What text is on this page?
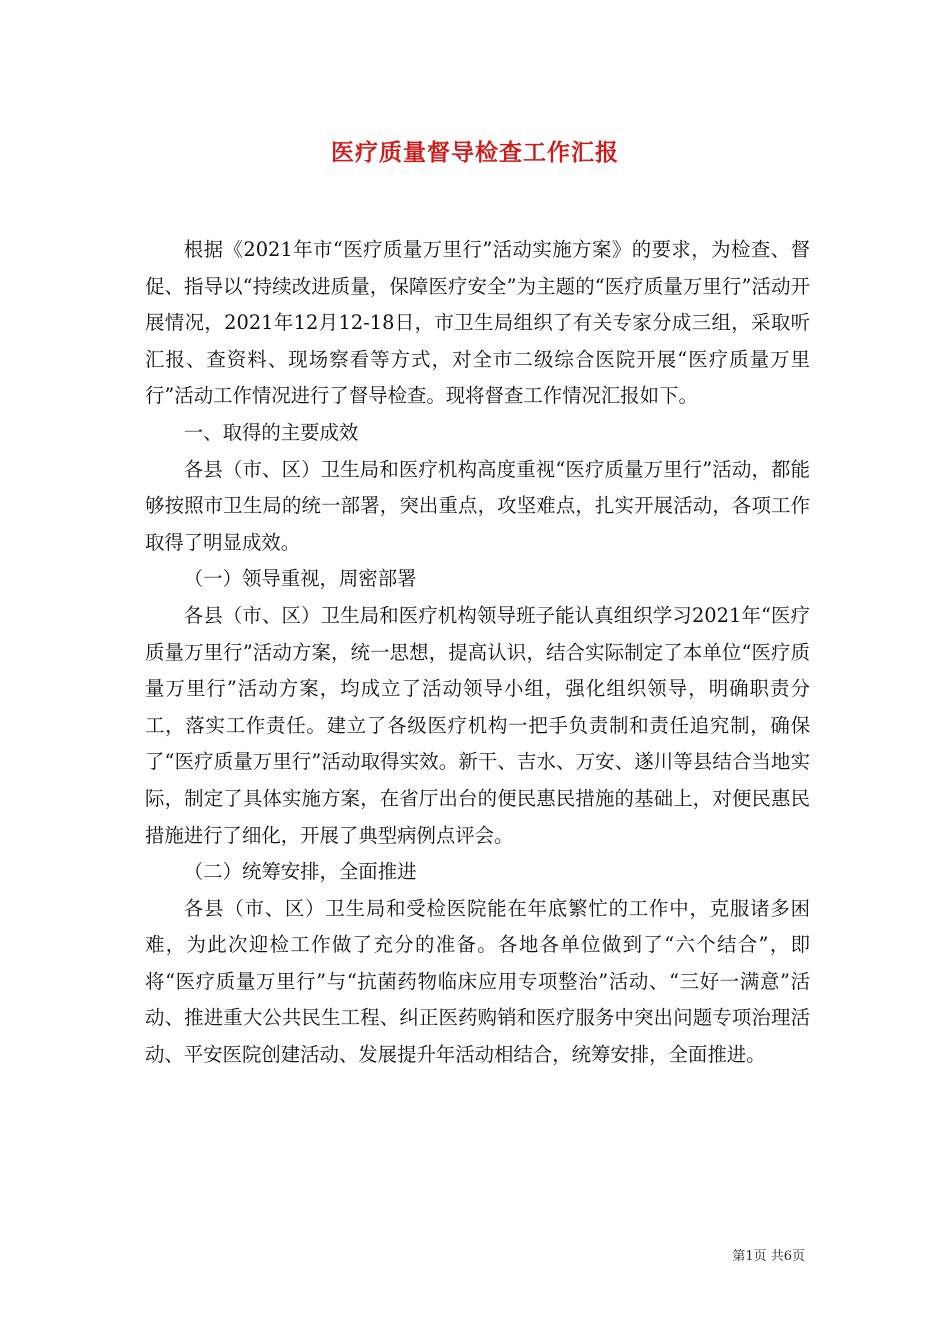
医疗质量督导检查工作汇报

根据《2021年市“医疗质量万里行”活动实施方案》的要求，为检查、督促、指导以“持续改进质量，保障医疗安全”为主题的“医疗质量万里行”活动开展情况，2021年12月12-18日，市卫生局组织了有关专家分成三组，采取听汇报、查资料、现场察看等方式，对全市二级综合医院开展“医疗质量万里行”活动工作情况进行了督导检查。现将督查工作情况汇报如下。

一、取得的主要成效

各县（市、区）卫生局和医疗机构高度重视“医疗质量万里行”活动，都能够按照市卫生局的统一部署，突出重点，攻坚难点，扎实开展活动，各项工作取得了明显成效。

（一）领导重视，周密部署

各县（市、区）卫生局和医疗机构领导班子能认真组织学习2021年“医疗质量万里行”活动方案，统一思想，提高认识，结合实际制定了本单位“医疗质量万里行”活动方案，均成立了活动领导小组，强化组织领导，明确职责分工，落实工作责任。建立了各级医疗机构一把手负责制和责任追究制，确保了“医疗质量万里行”活动取得实效。新干、吉水、万安、遂川等县结合当地实际，制定了具体实施方案，在省厅出台的便民惠民措施的基础上，对便民惠民措施进行了细化，开展了典型病例点评会。

（二）统筹安排，全面推进

各县（市、区）卫生局和受检医院能在年底繁忙的工作中，克服诸多困难，为此次迎检工作做了充分的准备。各地各单位做到了“六个结合”，即将“医疗质量万里行”与“抗菌药物临床应用专项整治”活动、“三好一满意”活动、推进重大公共民生工程、纠正医药购销和医疗服务中突出问题专项治理活动、平安医院创建活动、发展提升年活动相结合，统筹安排，全面推进。

第1页 共6页
